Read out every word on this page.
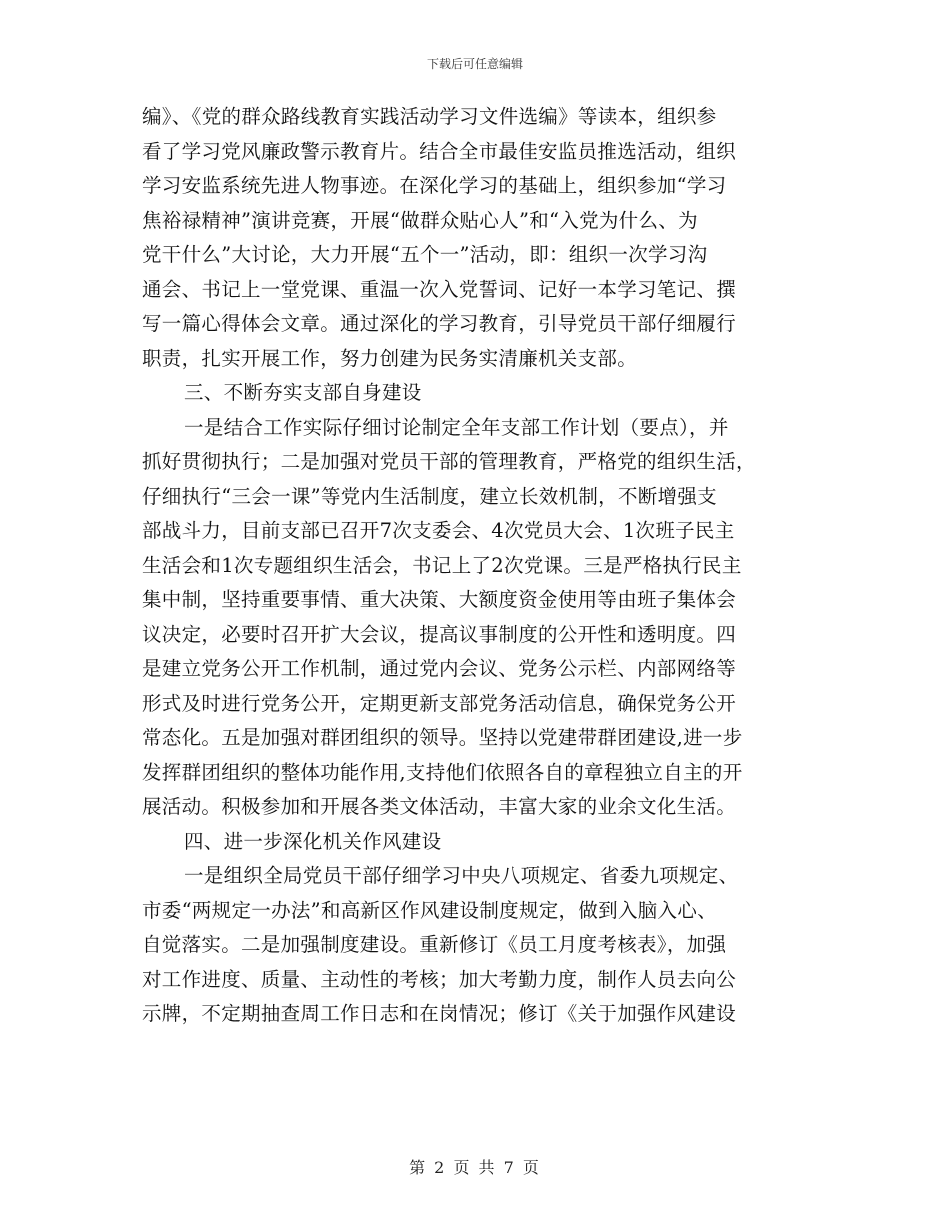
下载后可任意编辑
编》、《党的群众路线教育实践活动学习文件选编》等读本，组织参
看了学习党风廉政警示教育片。结合全市最佳安监员推选活动，组织
学习安监系统先进人物事迹。在深化学习的基础上，组织参加“学习
焦裕禄精神”演讲竞赛，开展“做群众贴心人”和“入党为什么、为
党干什么”大讨论，大力开展“五个一”活动，即：组织一次学习沟
通会、书记上一堂党课、重温一次入党誓词、记好一本学习笔记、撰
写一篇心得体会文章。通过深化的学习教育，引导党员干部仔细履行
职责，扎实开展工作，努力创建为民务实清廉机关支部。
三、不断夯实支部自身建设
一是结合工作实际仔细讨论制定全年支部工作计划（要点），并
抓好贯彻执行；二是加强对党员干部的管理教育，严格党的组织生活，
仔细执行“三会一课”等党内生活制度，建立长效机制，不断增强支
部战斗力，目前支部已召开7次支委会、4次党员大会、1次班子民主
生活会和1次专题组织生活会，书记上了2次党课。三是严格执行民主
集中制，坚持重要事情、重大决策、大额度资金使用等由班子集体会
议决定，必要时召开扩大会议，提高议事制度的公开性和透明度。四
是建立党务公开工作机制，通过党内会议、党务公示栏、内部网络等
形式及时进行党务公开，定期更新支部党务活动信息，确保党务公开
常态化。五是加强对群团组织的领导。坚持以党建带群团建设,进一步
发挥群团组织的整体功能作用,支持他们依照各自的章程独立自主的开
展活动。积极参加和开展各类文体活动，丰富大家的业余文化生活。
四、进一步深化机关作风建设
一是组织全局党员干部仔细学习中央八项规定、省委九项规定、
市委“两规定一办法”和高新区作风建设制度规定，做到入脑入心、
自觉落实。二是加强制度建设。重新修订《员工月度考核表》，加强
对工作进度、质量、主动性的考核；加大考勤力度，制作人员去向公
示牌，不定期抽查周工作日志和在岗情况；修订《关于加强作风建设
第 2 页 共 7 页
